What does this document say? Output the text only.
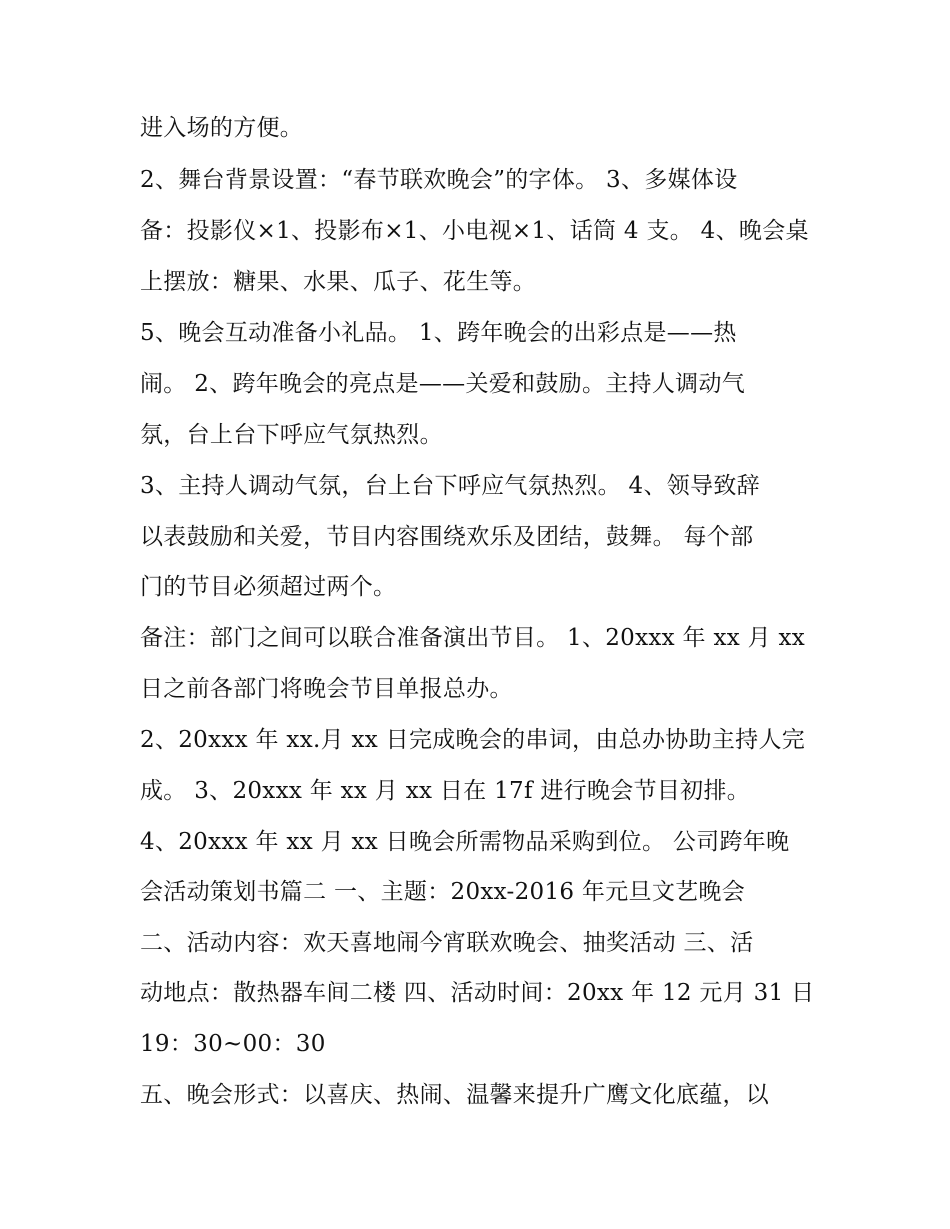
进入场的方便。
2、舞台背景设置：“春节联欢晚会”的字体。 3、多媒体设
备：投影仪×1、投影布×1、小电视×1、话筒 4 支。 4、晚会桌
上摆放：糖果、水果、瓜子、花生等。
5、晚会互动准备小礼品。 1、跨年晚会的出彩点是——热
闹。 2、跨年晚会的亮点是——关爱和鼓励。主持人调动气
氛，台上台下呼应气氛热烈。
3、主持人调动气氛，台上台下呼应气氛热烈。 4、领导致辞
以表鼓励和关爱，节目内容围绕欢乐及团结，鼓舞。 每个部
门的节目必须超过两个。
备注：部门之间可以联合准备演出节目。 1、20xxx 年 xx 月 xx
日之前各部门将晚会节目单报总办。
2、20xxx 年 xx.月 xx 日完成晚会的串词，由总办协助主持人完
成。 3、20xxx 年 xx 月 xx 日在 17f 进行晚会节目初排。
4、20xxx 年 xx 月 xx 日晚会所需物品采购到位。 公司跨年晚
会活动策划书篇二 一、主题：20xx-2016 年元旦文艺晚会
二、活动内容：欢天喜地闹今宵联欢晚会、抽奖活动 三、活
动地点：散热器车间二楼 四、活动时间：20xx 年 12 元月 31 日
19：30~00：30
五、晚会形式：以喜庆、热闹、温馨来提升广鹰文化底蕴，以
